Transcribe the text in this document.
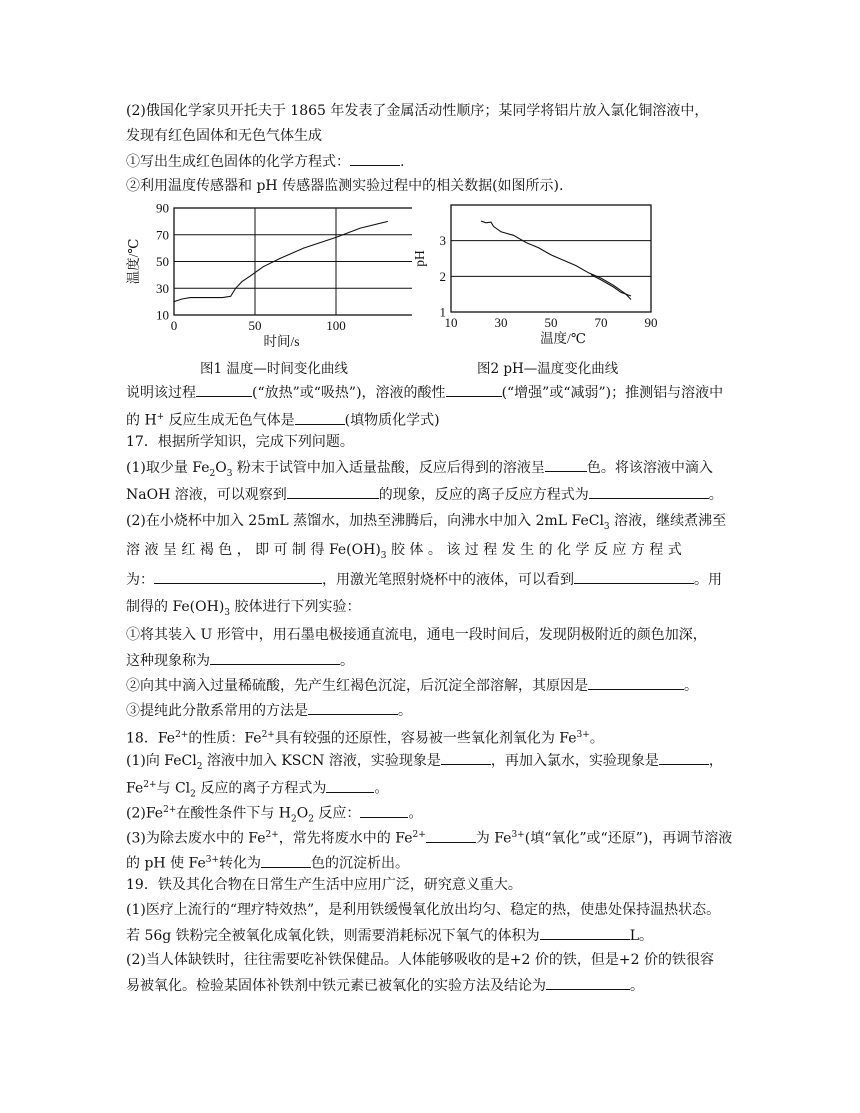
(2)俄国化学家贝开托夫于 1865 年发表了金属活动性顺序；某同学将铝片放入氯化铜溶液中，
发现有红色固体和无色气体生成
①写出生成红色固体的化学方程式：	.
②利用温度传感器和 pH 传感器监测实验过程中的相关数据(如图所示).
10
30
50
70
90
0	50	100
时间/s
温度/℃
图1 温度—时间变化曲线
1
2
3
10	30	50	70	90
温度/℃
pH
图2 pH—温度变化曲线
说明该过程	(“放热”或“吸热”)，溶液的酸性	(“增强”或“减弱”)；推测铝与溶液中
的 H+ 反应生成无色气体是	(填物质化学式)
17．根据所学知识，完成下列问题。
(1)取少量 $Fe_2O_3$ 粉末于试管中加入适量盐酸，反应后得到的溶液呈	色。将该溶液中滴入
NaOH 溶液，可以观察到	的现象，反应的离子反应方程式为	。
(2)在小烧杯中加入 25mL 蒸馏水，加热至沸腾后，向沸水中加入 2mL FeCl$_3$ 溶液，继续煮沸至
溶 液 呈 红 褐 色 ， 即 可 制 得 $Fe(OH)_3$ 胶 体 。 该 过 程 发 生 的 化 学 反 应 方 程 式
为：	，用激光笔照射烧杯中的液体，可以看到	。用
制得的 $Fe(OH)_3$ 胶体进行下列实验：
①将其装入 U 形管中，用石墨电极接通直流电，通电一段时间后，发现阴极附近的颜色加深，
这种现象称为	。
②向其中滴入过量稀硫酸，先产生红褐色沉淀，后沉淀全部溶解，其原因是	。
③提纯此分散系常用的方法是	。
18．$Fe^{2+}$的性质：$Fe^{2+}$具有较强的还原性，容易被一些氧化剂氧化为 $Fe^{3+}$。
(1)向 FeCl$_2$ 溶液中加入 KSCN 溶液，实验现象是	，再加入氯水，实验现象是	，
$Fe^{2+}$与 $Cl_2$ 反应的离子方程式为	。
$(2)Fe^{2+}$在酸性条件下与 $H_2O_2$ 反应：	。
(3)为除去废水中的 $Fe^{2+}$，常先将废水中的 $Fe^{2+}$	为 $Fe^{3+}$(填“氧化”或“还原”)，再调节溶液
的 pH 使 $Fe^{3+}$转化为	色的沉淀析出。
19．铁及其化合物在日常生产生活中应用广泛，研究意义重大。
(1)医疗上流行的“理疗特效热”，是利用铁缓慢氧化放出均匀、稳定的热，使患处保持温热状态。
若 56g 铁粉完全被氧化成氧化铁，则需要消耗标况下氧气的体积为	L。
(2)当人体缺铁时，往往需要吃补铁保健品。人体能够吸收的是+2 价的铁，但是+2 价的铁很容
易被氧化。检验某固体补铁剂中铁元素已被氧化的实验方法及结论为	。
